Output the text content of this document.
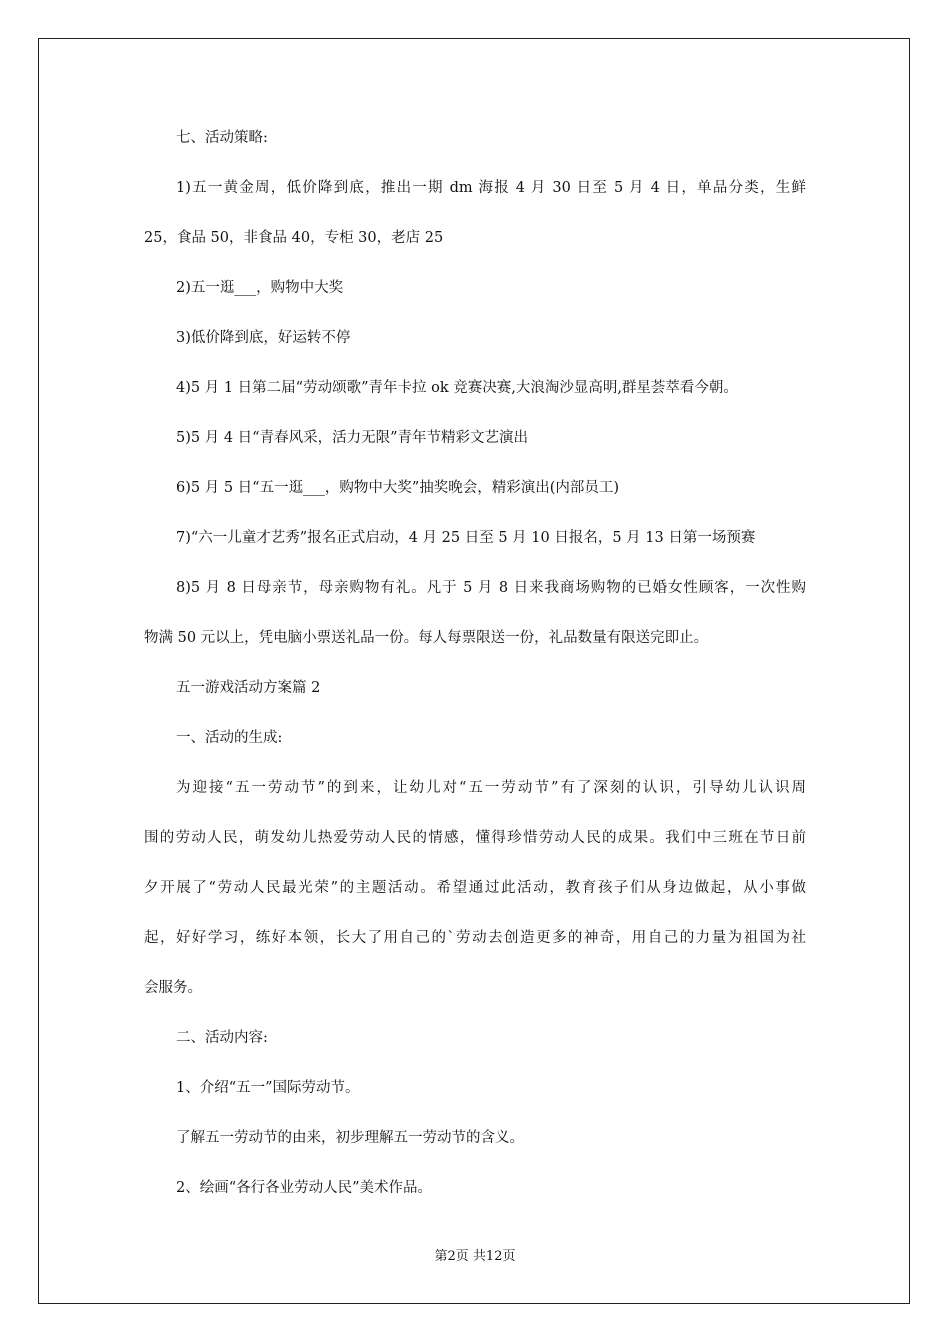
七、活动策略:
1)五一黄金周，低价降到底，推出一期 dm 海报 4 月 30 日至 5 月 4 日，单品分类，生鲜
25，食品 50，非食品 40，专柜 30，老店 25
2)五一逛___，购物中大奖
3)低价降到底，好运转不停
4)5 月 1 日第二届“劳动颂歌”青年卡拉 ok 竞赛决赛,大浪淘沙显高明,群星荟萃看今朝。
5)5 月 4 日“青春风采，活力无限”青年节精彩文艺演出
6)5 月 5 日“五一逛___，购物中大奖”抽奖晚会，精彩演出(内部员工)
7)“六一儿童才艺秀”报名正式启动，4 月 25 日至 5 月 10 日报名，5 月 13 日第一场预赛
8)5 月 8 日母亲节，母亲购物有礼。凡于 5 月 8 日来我商场购物的已婚女性顾客，一次性购
物满 50 元以上，凭电脑小票送礼品一份。每人每票限送一份，礼品数量有限送完即止。
五一游戏活动方案篇 2
一、活动的生成:
为迎接“五一劳动节”的到来，让幼儿对“五一劳动节”有了深刻的认识，引导幼儿认识周
围的劳动人民，萌发幼儿热爱劳动人民的情感，懂得珍惜劳动人民的成果。我们中三班在节日前
夕开展了“劳动人民最光荣”的主题活动。希望通过此活动，教育孩子们从身边做起，从小事做
起，好好学习，练好本领，长大了用自己的`劳动去创造更多的神奇，用自己的力量为祖国为社
会服务。
二、活动内容:
1、介绍“五一”国际劳动节。
了解五一劳动节的由来，初步理解五一劳动节的含义。
2、绘画“各行各业劳动人民”美术作品。
第2页 共12页
